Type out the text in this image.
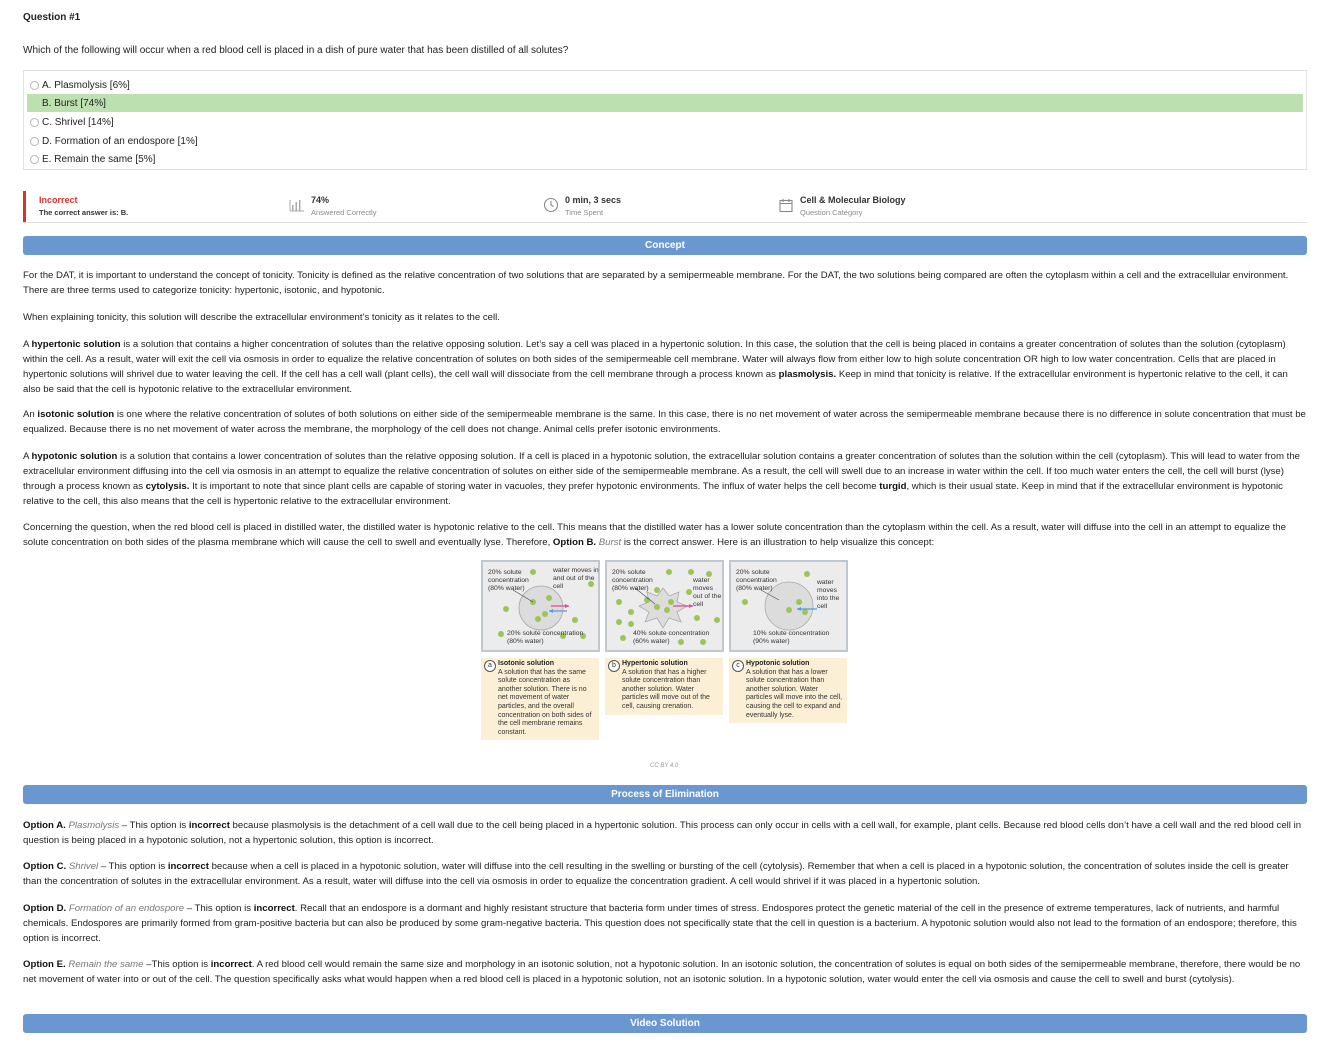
Question #1
Which of the following will occur when a red blood cell is placed in a dish of pure water that has been distilled of all solutes?
A. Plasmolysis [6%]
B. Burst [74%]
C. Shrivel [14%]
D. Formation of an endospore [1%]
E. Remain the same [5%]
Incorrect
The correct answer is: B.
74%
Answered Correctly
0 min, 3 secs
Time Spent
Cell & Molecular Biology
Question Category
Concept
For the DAT, it is important to understand the concept of tonicity. Tonicity is defined as the relative concentration of two solutions that are separated by a semipermeable membrane. For the DAT, the two solutions being compared are often the cytoplasm within a cell and the extracellular environment. There are three terms used to categorize tonicity: hypertonic, isotonic, and hypotonic.
When explaining tonicity, this solution will describe the extracellular environment’s tonicity as it relates to the cell.
A hypertonic solution is a solution that contains a higher concentration of solutes than the relative opposing solution. Let’s say a cell was placed in a hypertonic solution. In this case, the solution that the cell is being placed in contains a greater concentration of solutes than the solution (cytoplasm) within the cell. As a result, water will exit the cell via osmosis in order to equalize the relative concentration of solutes on both sides of the semipermeable cell membrane. Water will always flow from either low to high solute concentration OR high to low water concentration. Cells that are placed in hypertonic solutions will shrivel due to water leaving the cell. If the cell has a cell wall (plant cells), the cell wall will dissociate from the cell membrane through a process known as plasmolysis. Keep in mind that tonicity is relative. If the extracellular environment is hypertonic relative to the cell, it can also be said that the cell is hypotonic relative to the extracellular environment.
An isotonic solution is one where the relative concentration of solutes of both solutions on either side of the semipermeable membrane is the same. In this case, there is no net movement of water across the semipermeable membrane because there is no difference in solute concentration that must be equalized. Because there is no net movement of water across the membrane, the morphology of the cell does not change. Animal cells prefer isotonic environments.
A hypotonic solution is a solution that contains a lower concentration of solutes than the relative opposing solution. If a cell is placed in a hypotonic solution, the extracellular solution contains a greater concentration of solutes than the solution within the cell (cytoplasm). This will lead to water from the extracellular environment diffusing into the cell via osmosis in an attempt to equalize the relative concentration of solutes on either side of the semipermeable membrane. As a result, the cell will swell due to an increase in water within the cell. If too much water enters the cell, the cell will burst (lyse) through a process known as cytolysis. It is important to note that since plant cells are capable of storing water in vacuoles, they prefer hypotonic environments. The influx of water helps the cell become turgid, which is their usual state. Keep in mind that if the extracellular environment is hypotonic relative to the cell, this also means that the cell is hypertonic relative to the extracellular environment.
Concerning the question, when the red blood cell is placed in distilled water, the distilled water is hypotonic relative to the cell. This means that the distilled water has a lower solute concentration than the cytoplasm within the cell. As a result, water will diffuse into the cell in an attempt to equalize the solute concentration on both sides of the plasma membrane which will cause the cell to swell and eventually lyse. Therefore, Option B. Burst is the correct answer. Here is an illustration to help visualize this concept:
20% solute concentration (80% water)
water moves in and out of the cell
20% solute concentration (80% water)
20% solute concentration (80% water)
water moves out of the cell
40% solute concentration (60% water)
20% solute concentration (80% water)
water moves into the cell
10% solute concentration (90% water)
a Isotonic solution
A solution that has the same solute concentration as another solution. There is no net movement of water particles, and the overall concentration on both sides of the cell membrane remains constant.
b Hypertonic solution
A solution that has a higher solute concentration than another solution. Water particles will move out of the cell, causing crenation.
c Hypotonic solution
A solution that has a lower solute concentration than another solution. Water particles will move into the cell, causing the cell to expand and eventually lyse.
CC BY 4.0
Process of Elimination
Option A. Plasmolysis – This option is incorrect because plasmolysis is the detachment of a cell wall due to the cell being placed in a hypertonic solution. This process can only occur in cells with a cell wall, for example, plant cells. Because red blood cells don’t have a cell wall and the red blood cell in question is being placed in a hypotonic solution, not a hypertonic solution, this option is incorrect.
Option C. Shrivel – This option is incorrect because when a cell is placed in a hypotonic solution, water will diffuse into the cell resulting in the swelling or bursting of the cell (cytolysis). Remember that when a cell is placed in a hypotonic solution, the concentration of solutes inside the cell is greater than the concentration of solutes in the extracellular environment. As a result, water will diffuse into the cell via osmosis in order to equalize the concentration gradient. A cell would shrivel if it was placed in a hypertonic solution.
Option D. Formation of an endospore – This option is incorrect. Recall that an endospore is a dormant and highly resistant structure that bacteria form under times of stress. Endospores protect the genetic material of the cell in the presence of extreme temperatures, lack of nutrients, and harmful chemicals. Endospores are primarily formed from gram-positive bacteria but can also be produced by some gram-negative bacteria. This question does not specifically state that the cell in question is a bacterium. A hypotonic solution would also not lead to the formation of an endospore; therefore, this option is incorrect.
Option E. Remain the same –This option is incorrect. A red blood cell would remain the same size and morphology in an isotonic solution, not a hypotonic solution. In an isotonic solution, the concentration of solutes is equal on both sides of the semipermeable membrane, therefore, there would be no net movement of water into or out of the cell. The question specifically asks what would happen when a red blood cell is placed in a hypotonic solution, not an isotonic solution. In a hypotonic solution, water would enter the cell via osmosis and cause the cell to swell and burst (cytolysis).
Video Solution
